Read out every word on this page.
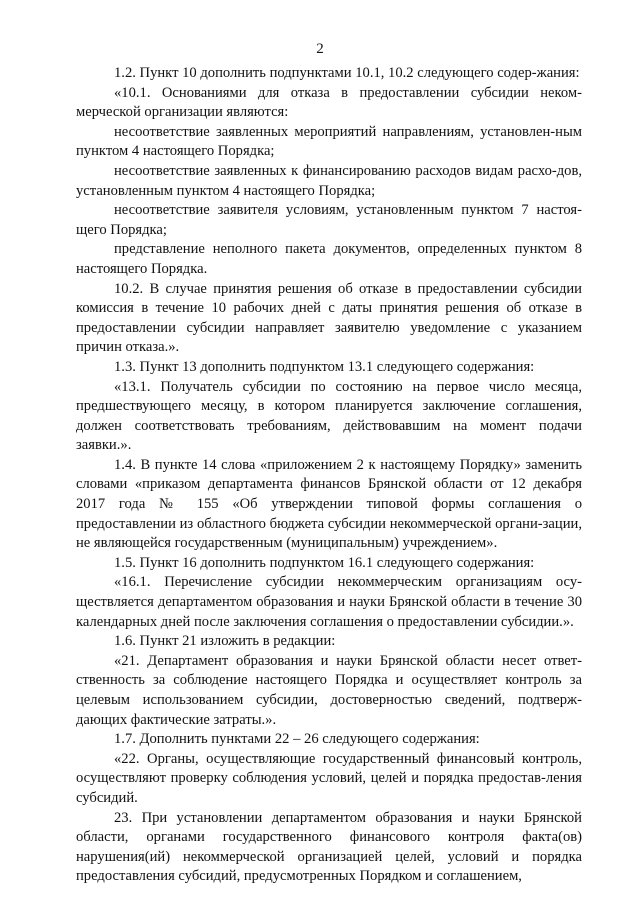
2

1.2. Пункт 10 дополнить подпунктами 10.1, 10.2 следующего содер-жания:

«10.1. Основаниями для отказа в предоставлении субсидии неком-мерческой организации являются:

несоответствие заявленных мероприятий направлениям, установлен-ным пунктом 4 настоящего Порядка;

несоответствие заявленных к финансированию расходов видам расхо-дов, установленным пунктом 4 настоящего Порядка;

несоответствие заявителя условиям, установленным пунктом 7 настоя-щего Порядка;

представление неполного пакета документов, определенных пунктом 8 настоящего Порядка.

10.2. В случае принятия решения об отказе в предоставлении субсидии комиссия в течение 10 рабочих дней с даты принятия решения об отказе в предоставлении субсидии направляет заявителю уведомление с указанием причин отказа.».

1.3. Пункт 13 дополнить подпунктом 13.1 следующего содержания:

«13.1. Получатель субсидии по состоянию на первое число месяца, предшествующего месяцу, в котором планируется заключение соглашения, должен соответствовать требованиям, действовавшим на момент подачи заявки.».

1.4. В пункте 14 слова «приложением 2 к настоящему Порядку» заменить словами «приказом департамента финансов Брянской области от 12 декабря 2017 года № 155 «Об утверждении типовой формы соглашения о предоставлении из областного бюджета субсидии некоммерческой органи-зации, не являющейся государственным (муниципальным) учреждением».

1.5. Пункт 16 дополнить подпунктом 16.1 следующего содержания:

«16.1. Перечисление субсидии некоммерческим организациям осу-ществляется департаментом образования и науки Брянской области в течение 30 календарных дней после заключения соглашения о предоставлении субсидии.».

1.6. Пункт 21 изложить в редакции:

«21. Департамент образования и науки Брянской области несет ответ-ственность за соблюдение настоящего Порядка и осуществляет контроль за целевым использованием субсидии, достоверностью сведений, подтверж-дающих фактические затраты.».

1.7. Дополнить пунктами 22 – 26 следующего содержания:

«22. Органы, осуществляющие государственный финансовый контроль, осуществляют проверку соблюдения условий, целей и порядка предостав-ления субсидий.

23. При установлении департаментом образования и науки Брянской области, органами государственного финансового контроля факта(ов) нарушения(ий) некоммерческой организацией целей, условий и порядка предоставления субсидий, предусмотренных Порядком и соглашением,
